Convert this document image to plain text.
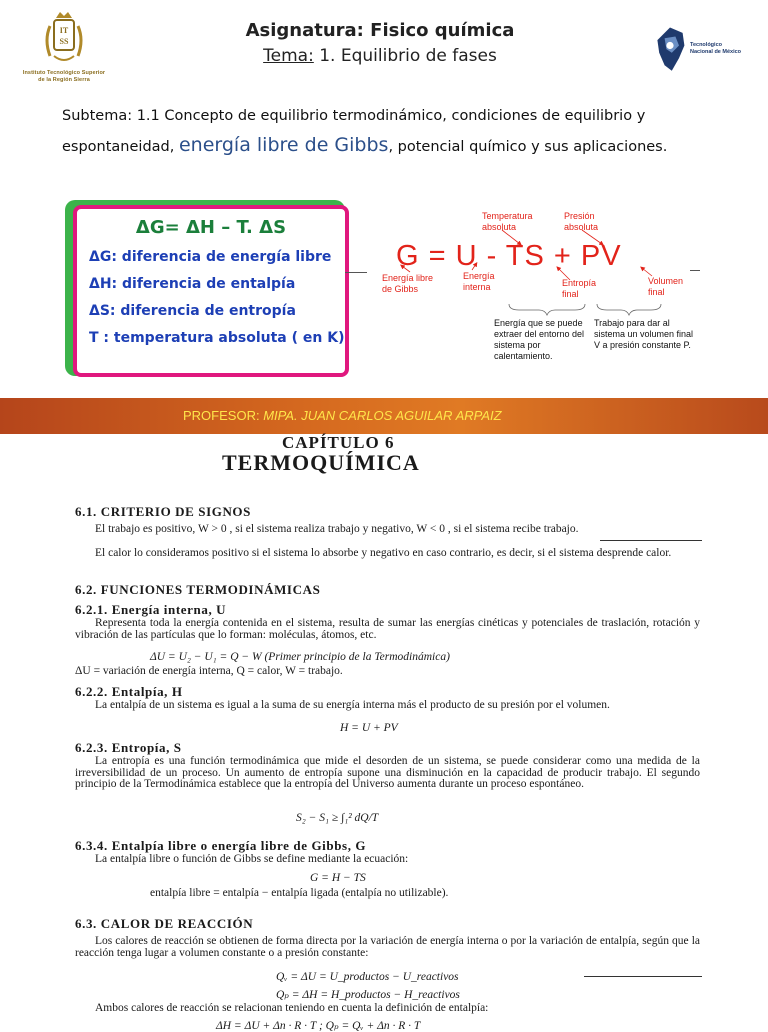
IT
SS
Instituto Tecnológico Superior
de la Región Sierra
Asignatura: Fisico química
Tema: 1. Equilibrio de fases
Tecnológico
Nacional de México
Subtema: 1.1 Concepto de equilibrio termodinámico, condiciones de equilibrio y espontaneidad, energía libre de Gibbs, potencial químico y sus aplicaciones.
ΔG= ΔH – T. ΔS
ΔG: diferencia de energía libre
ΔH: diferencia de entalpía
ΔS: diferencia de entropía
T : temperatura absoluta ( en K)
Temperatura absoluta
Presión absoluta
G = U - TS + PV
Energía libre de Gibbs
Energía interna	Entropía final
Volumen final
Energía que se puede extraer del entorno del sistema por calentamiento.
Trabajo para dar al sistema un volumen final V a presión constante P.
PROFESOR: MIPA. JUAN CARLOS AGUILAR ARPAIZ
CAPÍTULO 6
TERMOQUÍMICA
6.1. CRITERIO DE SIGNOS
El trabajo es positivo, W > 0 , si el sistema realiza trabajo y negativo, W < 0 , si el sistema recibe trabajo.
El calor lo consideramos positivo si el sistema lo absorbe y negativo en caso contrario, es decir, si el sistema desprende calor.
6.2. FUNCIONES TERMODINÁMICAS
6.2.1. Energía interna, U
Representa toda la energía contenida en el sistema, resulta de sumar las energías cinéticas y potenciales de traslación, rotación y vibración de las partículas que lo forman: moléculas, átomos, etc.
ΔU = U₂ − U₁ = Q − W (Primer principio de la Termodinámica)
ΔU = variación de energía interna, Q = calor, W = trabajo.
6.2.2. Entalpía, H
La entalpía de un sistema es igual a la suma de su energía interna más el producto de su presión por el volumen.
H = U + PV
6.2.3. Entropía, S
La entropía es una función termodinámica que mide el desorden de un sistema, se puede considerar como una medida de la irreversibilidad de un proceso. Un aumento de entropía supone una disminución en la capacidad de producir trabajo. El segundo principio de la Termodinámica establece que la entropía del Universo aumenta durante un proceso espontáneo.
S₂ − S₁ ≥ ∫₁² dQ/T
6.3.4. Entalpía libre o energía libre de Gibbs, G
La entalpía libre o función de Gibbs se define mediante la ecuación:
G = H − TS
entalpía libre = entalpía − entalpía ligada (entalpía no utilizable).
6.3. CALOR DE REACCIÓN
Los calores de reacción se obtienen de forma directa por la variación de energía interna o por la variación de entalpía, según que la reacción tenga lugar a volumen constante o a presión constante:
Qᵥ = ΔU = U_productos − U_reactivos
Qₚ = ΔH = H_productos − H_reactivos
Ambos calores de reacción se relacionan teniendo en cuenta la definición de entalpía:
ΔH = ΔU + Δn · R · T ; Qₚ = Qᵥ + Δn · R · T
